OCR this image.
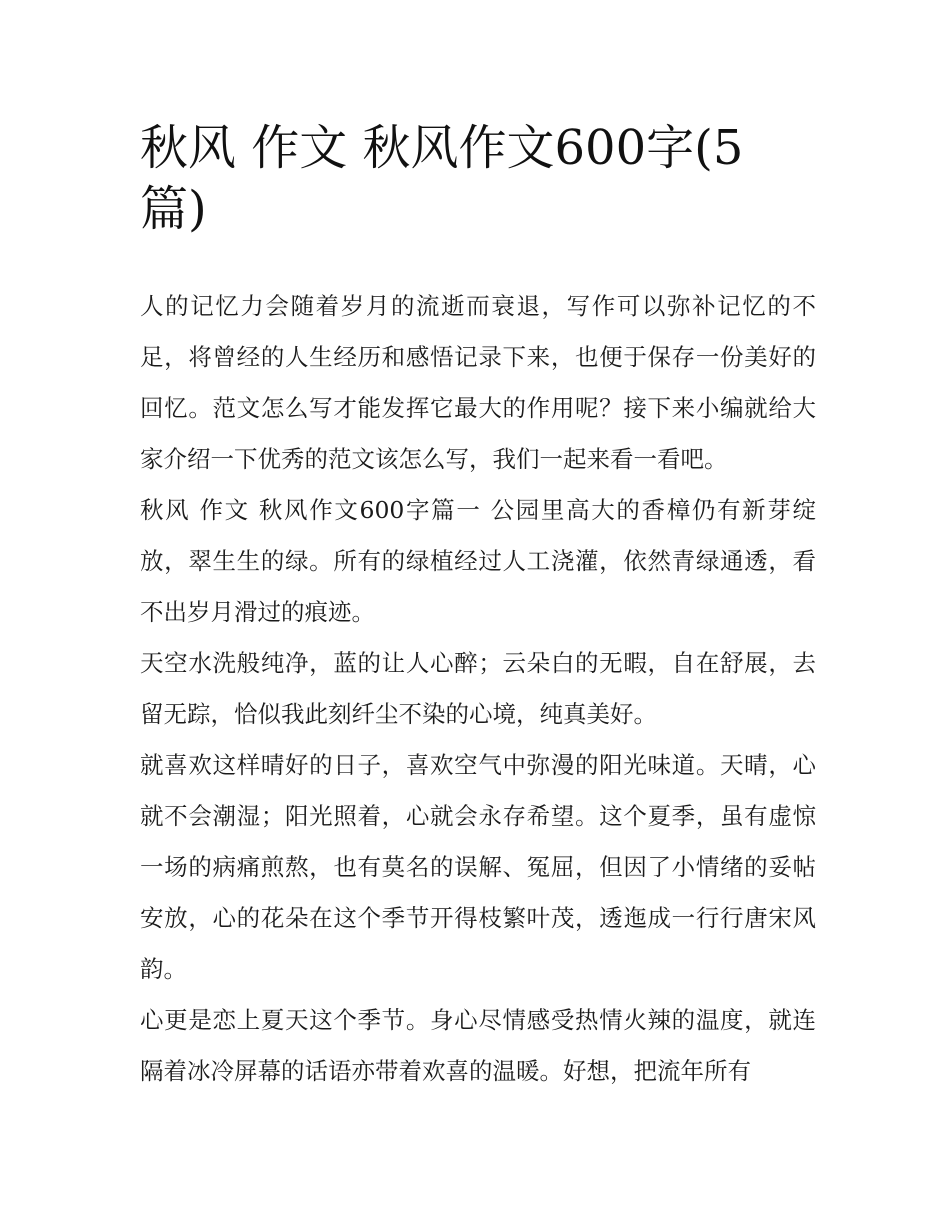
秋风 作文 秋风作文600字(5篇)

人的记忆力会随着岁月的流逝而衰退，写作可以弥补记忆的不足，将曾经的人生经历和感悟记录下来，也便于保存一份美好的回忆。范文怎么写才能发挥它最大的作用呢？接下来小编就给大家介绍一下优秀的范文该怎么写，我们一起来看一看吧。

秋风 作文 秋风作文600字篇一 公园里高大的香樟仍有新芽绽放，翠生生的绿。所有的绿植经过人工浇灌，依然青绿通透，看不出岁月滑过的痕迹。

天空水洗般纯净，蓝的让人心醉；云朵白的无暇，自在舒展，去留无踪，恰似我此刻纤尘不染的心境，纯真美好。

就喜欢这样晴好的日子，喜欢空气中弥漫的阳光味道。天晴，心就不会潮湿；阳光照着，心就会永存希望。这个夏季，虽有虚惊一场的病痛煎熬，也有莫名的误解、冤屈，但因了小情绪的妥帖安放，心的花朵在这个季节开得枝繁叶茂，透迤成一行行唐宋风韵。

心更是恋上夏天这个季节。身心尽情感受热情火辣的温度，就连隔着冰冷屏幕的话语亦带着欢喜的温暖。好想，把流年所有
